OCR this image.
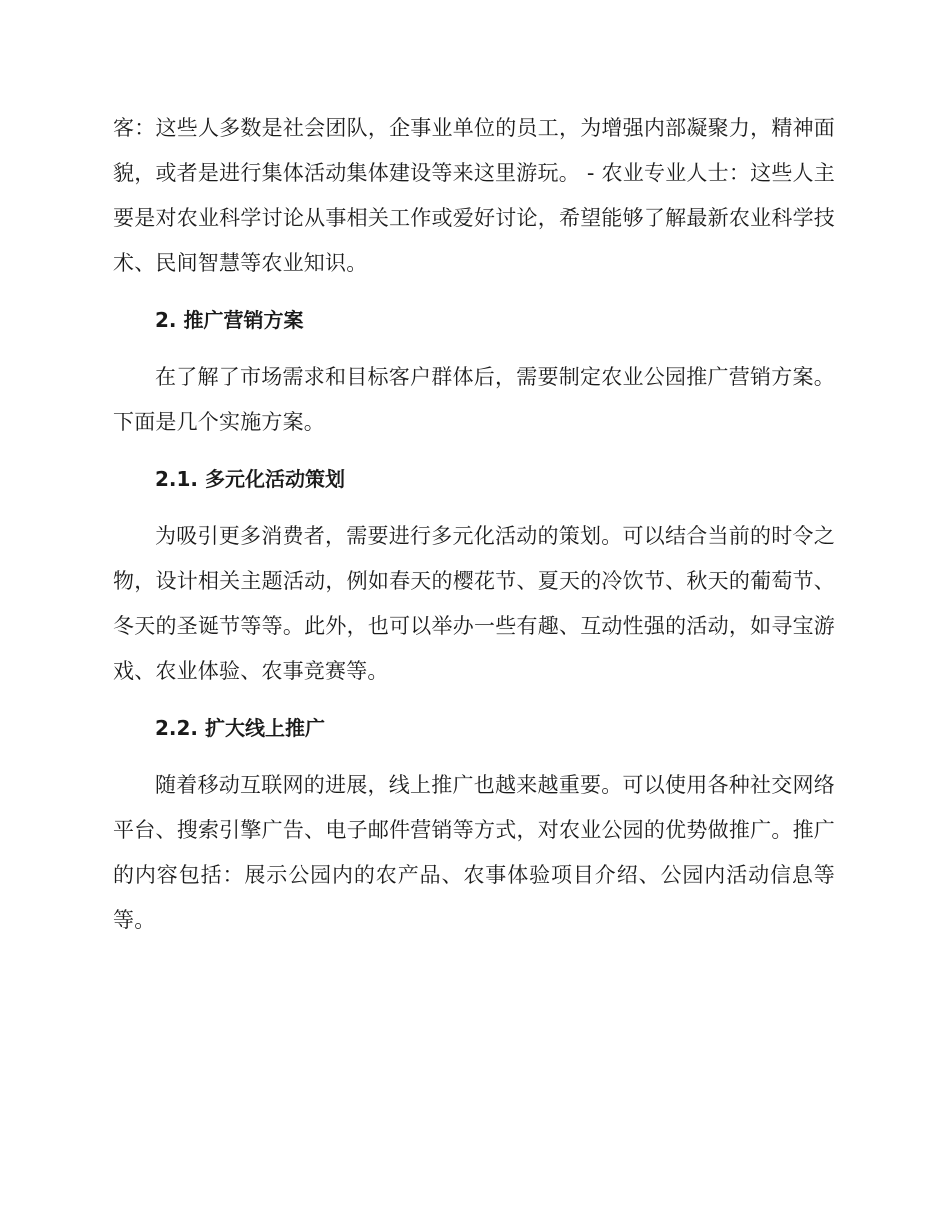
客：这些人多数是社会团队，企事业单位的员工，为增强内部凝聚力，精神面貌，或者是进行集体活动集体建设等来这里游玩。 - 农业专业人士：这些人主要是对农业科学讨论从事相关工作或爱好讨论，希望能够了解最新农业科学技术、民间智慧等农业知识。

2. 推广营销方案

在了解了市场需求和目标客户群体后，需要制定农业公园推广营销方案。下面是几个实施方案。

2.1. 多元化活动策划

为吸引更多消费者，需要进行多元化活动的策划。可以结合当前的时令之物，设计相关主题活动，例如春天的樱花节、夏天的冷饮节、秋天的葡萄节、冬天的圣诞节等等。此外，也可以举办一些有趣、互动性强的活动，如寻宝游戏、农业体验、农事竞赛等。

2.2. 扩大线上推广

随着移动互联网的进展，线上推广也越来越重要。可以使用各种社交网络平台、搜索引擎广告、电子邮件营销等方式，对农业公园的优势做推广。推广的内容包括：展示公园内的农产品、农事体验项目介绍、公园内活动信息等等。
